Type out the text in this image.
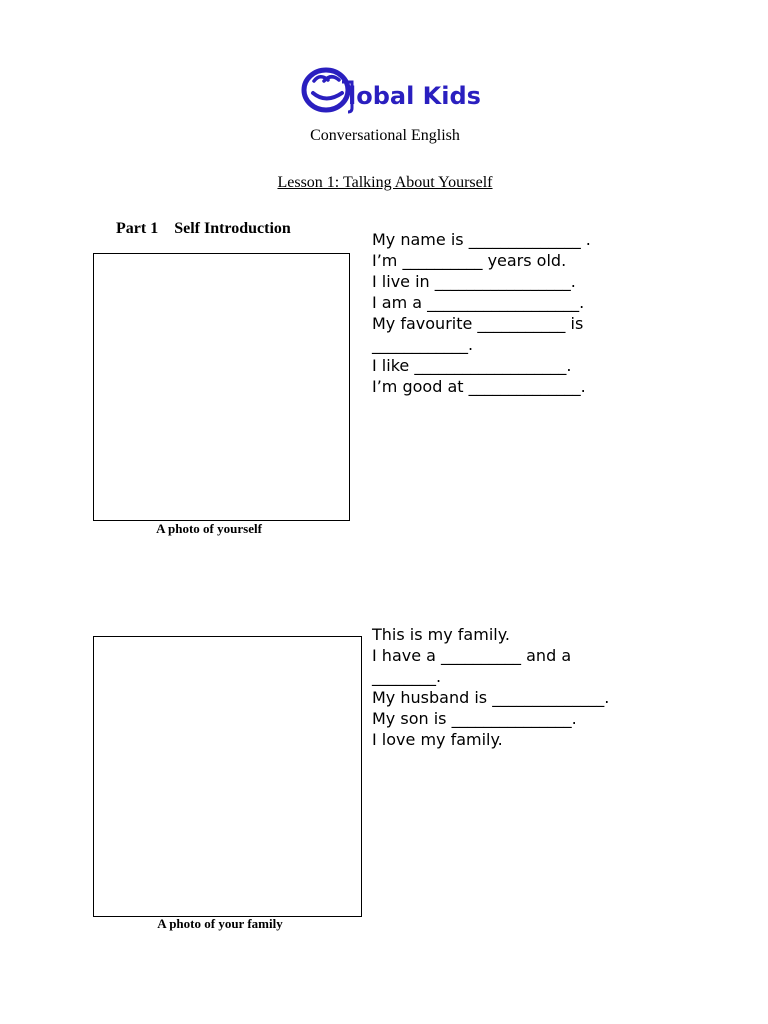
lobal Kids
Conversational English
Lesson 1: Talking About Yourself
Part 1    Self Introduction
A photo of yourself
My name is ______________ .
I’m __________ years old.
I live in _________________.
I am a ___________________.
My favourite ___________ is
____________.
I like ___________________.
I’m good at ______________.
A photo of your family
This is my family.
I have a __________ and a
________.
My husband is ______________.
My son is _______________.
I love my family.
